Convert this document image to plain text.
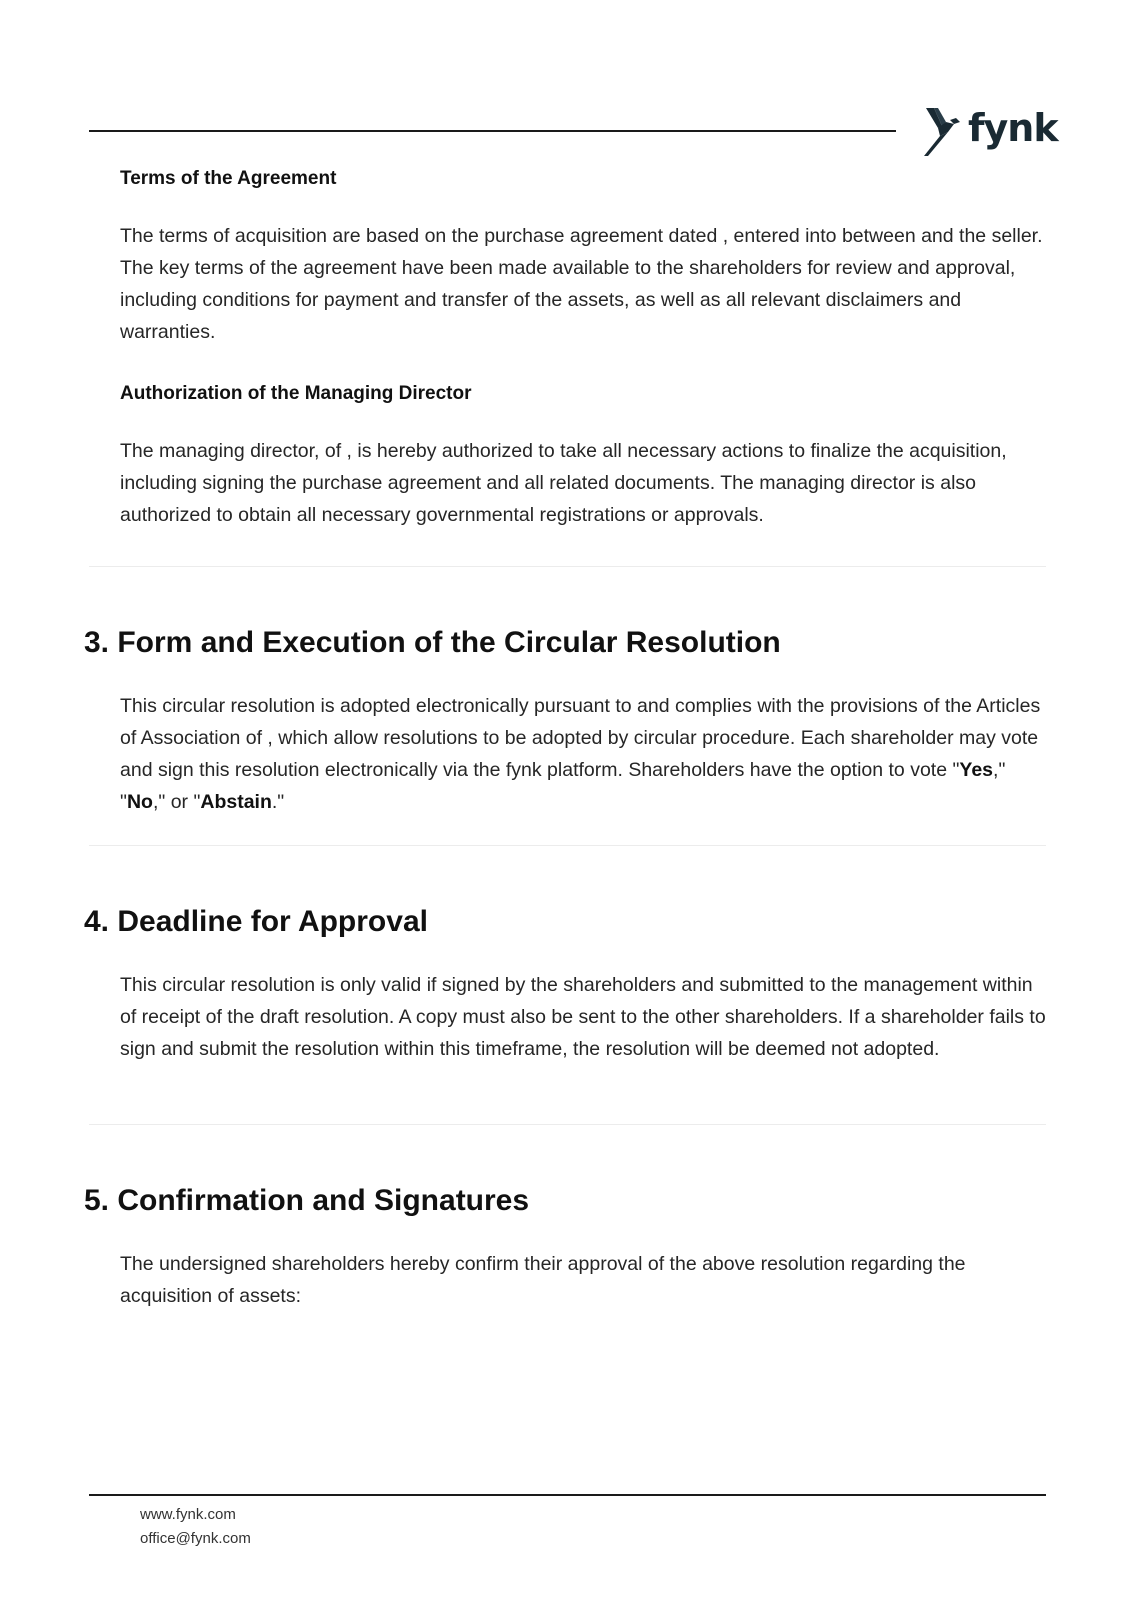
fynk
Terms of the Agreement

The terms of acquisition are based on the purchase agreement dated , entered into between and the seller. The key terms of the agreement have been made available to the shareholders for review and approval, including conditions for payment and transfer of the assets, as well as all relevant disclaimers and warranties.

Authorization of the Managing Director

The managing director, of , is hereby authorized to take all necessary actions to finalize the acquisition, including signing the purchase agreement and all related documents. The managing director is also authorized to obtain all necessary governmental registrations or approvals.

3. Form and Execution of the Circular Resolution

This circular resolution is adopted electronically pursuant to and complies with the provisions of the Articles of Association of , which allow resolutions to be adopted by circular procedure. Each shareholder may vote and sign this resolution electronically via the fynk platform. Shareholders have the option to vote "Yes," "No," or "Abstain."

4. Deadline for Approval

This circular resolution is only valid if signed by the shareholders and submitted to the management within of receipt of the draft resolution. A copy must also be sent to the other shareholders. If a shareholder fails to sign and submit the resolution within this timeframe, the resolution will be deemed not adopted.

5. Confirmation and Signatures

The undersigned shareholders hereby confirm their approval of the above resolution regarding the acquisition of assets:

www.fynk.com

office@fynk.com
